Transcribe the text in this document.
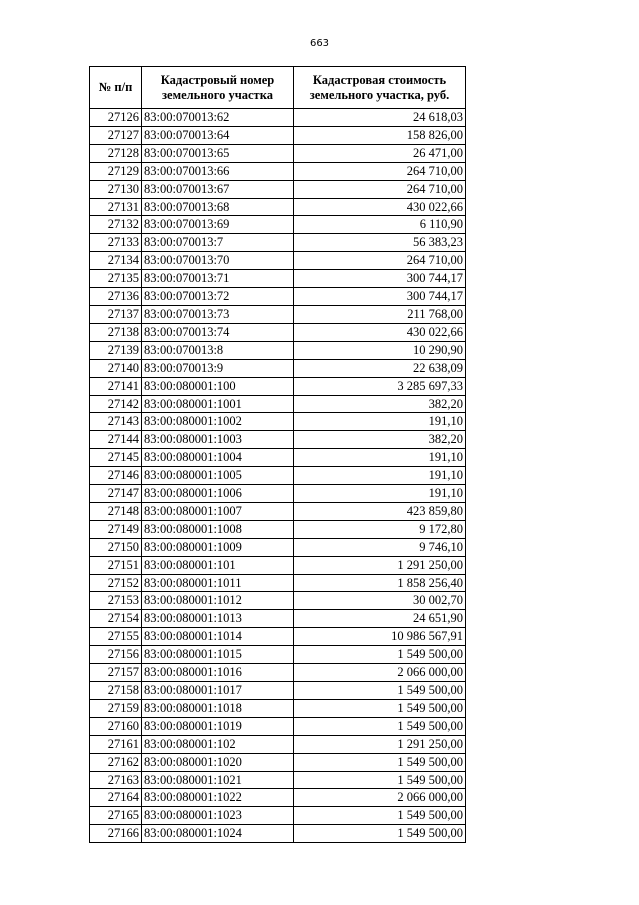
663
№ п/п	Кадастровый номер земельного участка	Кадастровая стоимость земельного участка, руб.
27126	83:00:070013:62	24 618,03
27127	83:00:070013:64	158 826,00
27128	83:00:070013:65	26 471,00
27129	83:00:070013:66	264 710,00
27130	83:00:070013:67	264 710,00
27131	83:00:070013:68	430 022,66
27132	83:00:070013:69	6 110,90
27133	83:00:070013:7	56 383,23
27134	83:00:070013:70	264 710,00
27135	83:00:070013:71	300 744,17
27136	83:00:070013:72	300 744,17
27137	83:00:070013:73	211 768,00
27138	83:00:070013:74	430 022,66
27139	83:00:070013:8	10 290,90
27140	83:00:070013:9	22 638,09
27141	83:00:080001:100	3 285 697,33
27142	83:00:080001:1001	382,20
27143	83:00:080001:1002	191,10
27144	83:00:080001:1003	382,20
27145	83:00:080001:1004	191,10
27146	83:00:080001:1005	191,10
27147	83:00:080001:1006	191,10
27148	83:00:080001:1007	423 859,80
27149	83:00:080001:1008	9 172,80
27150	83:00:080001:1009	9 746,10
27151	83:00:080001:101	1 291 250,00
27152	83:00:080001:1011	1 858 256,40
27153	83:00:080001:1012	30 002,70
27154	83:00:080001:1013	24 651,90
27155	83:00:080001:1014	10 986 567,91
27156	83:00:080001:1015	1 549 500,00
27157	83:00:080001:1016	2 066 000,00
27158	83:00:080001:1017	1 549 500,00
27159	83:00:080001:1018	1 549 500,00
27160	83:00:080001:1019	1 549 500,00
27161	83:00:080001:102	1 291 250,00
27162	83:00:080001:1020	1 549 500,00
27163	83:00:080001:1021	1 549 500,00
27164	83:00:080001:1022	2 066 000,00
27165	83:00:080001:1023	1 549 500,00
27166	83:00:080001:1024	1 549 500,00
